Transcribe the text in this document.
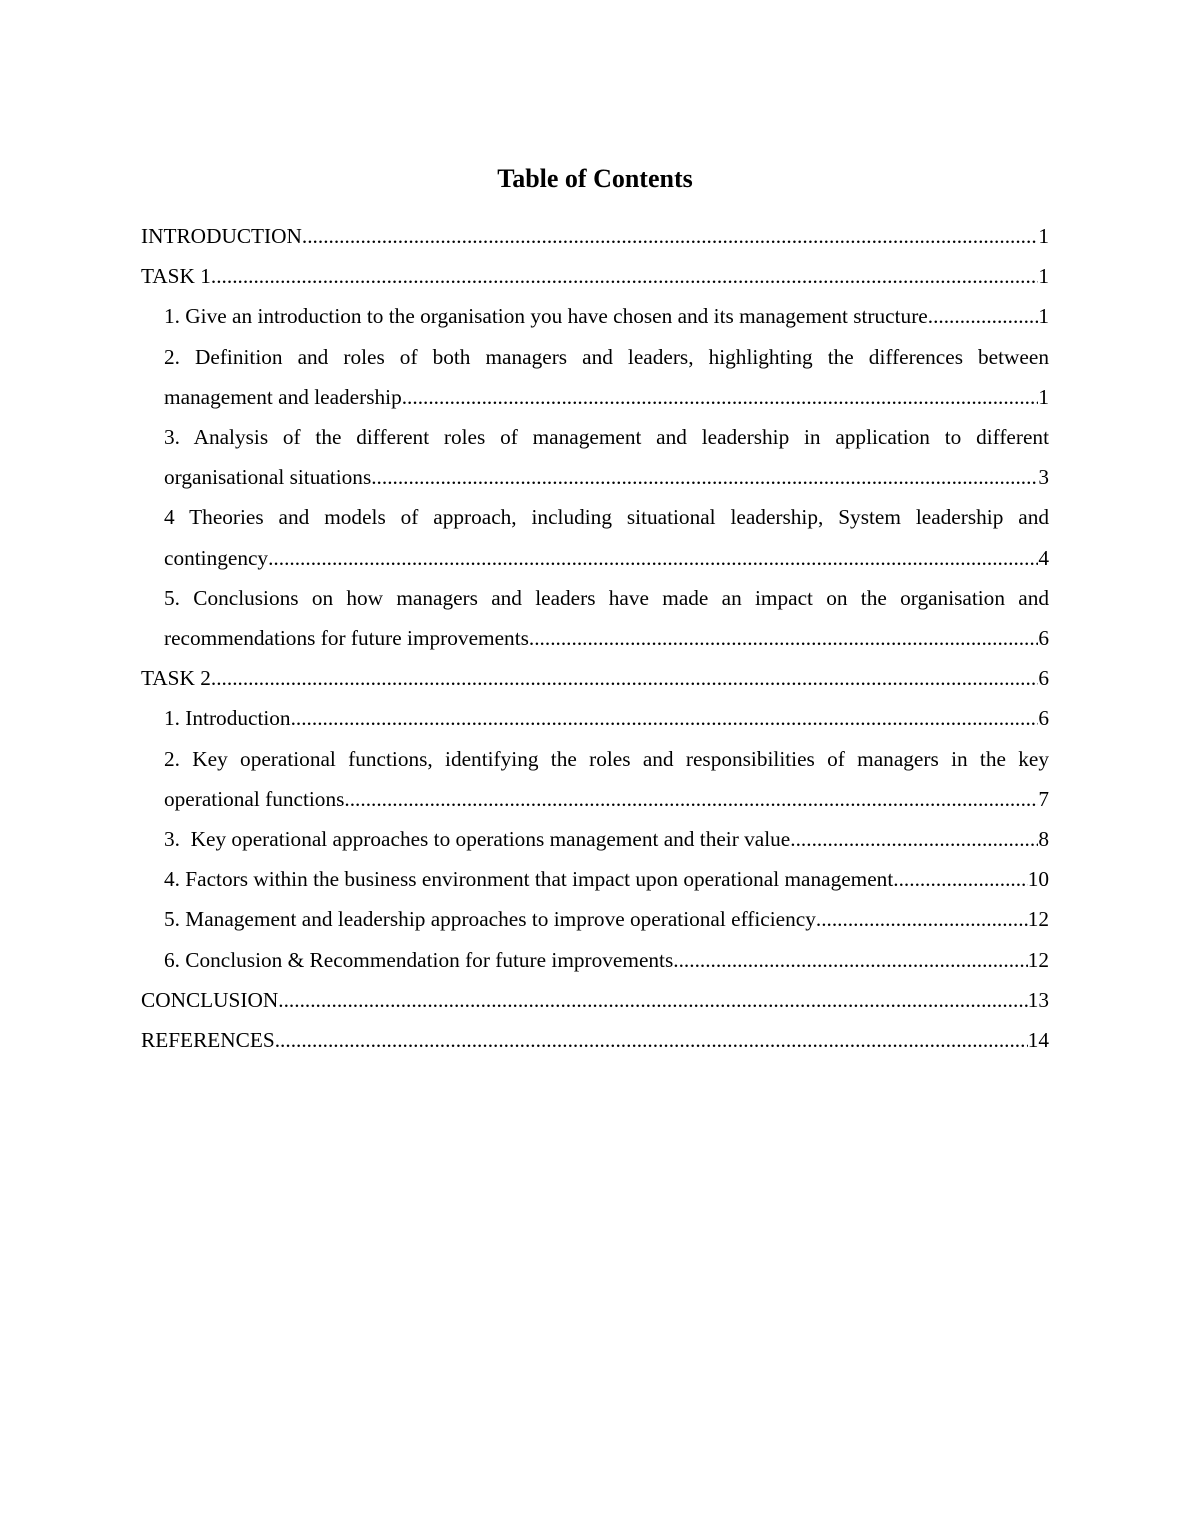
Table of Contents
INTRODUCTION .....	1
TASK 1 .....	1
1. Give an introduction to the organisation you have chosen and its management structure .....	1
2. Definition and roles of both managers and leaders, highlighting the differences between
management and leadership .....	1
3. Analysis of the different roles of management and leadership in application to different
organisational situations .....	3
4 Theories and models of approach, including situational leadership, System leadership and
contingency .....	4
5. Conclusions on how managers and leaders have made an impact on the organisation and
recommendations for future improvements .....	6
TASK 2 .....	6
1. Introduction .....	6
2. Key operational functions, identifying the roles and responsibilities of managers in the key
operational functions .....	7
3.  Key operational approaches to operations management and their value .....	8
4. Factors within the business environment that impact upon operational management .....	10
5. Management and leadership approaches to improve operational efficiency .....	12
6. Conclusion & Recommendation for future improvements .....	12
CONCLUSION .....	13
REFERENCES .....	14
